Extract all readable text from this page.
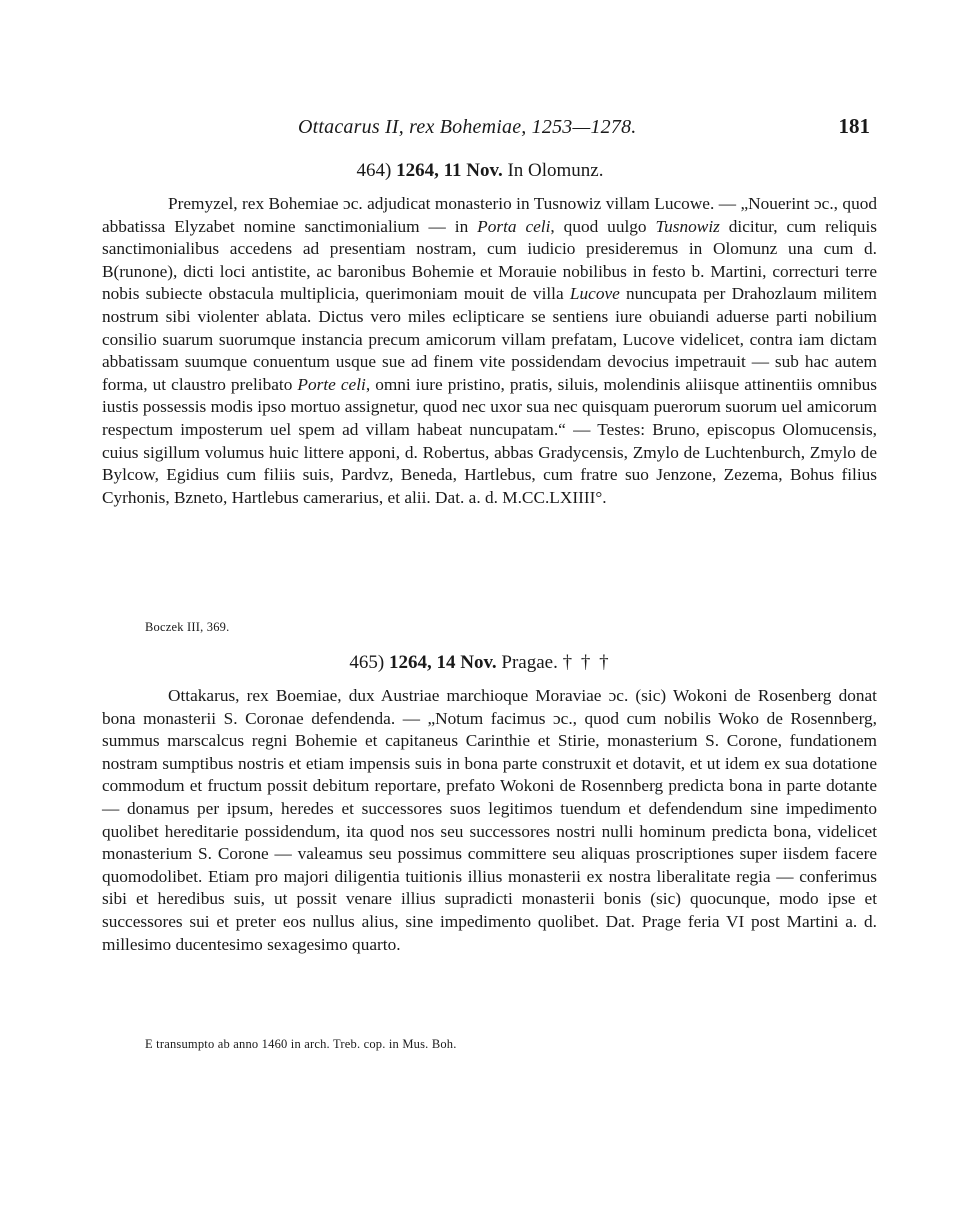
Ottacarus II, rex Bohemiae, 1253—1278.	181
464) 1264, 11 Nov. In Olomunz.

Premyzel, rex Bohemiae ɔc. adjudicat monasterio in Tusnowiz villam Lucowe. — „Nouerint ɔc., quod abbatissa Elyzabet nomine sanctimonialium — in Porta celi, quod uulgo Tusnowiz dicitur, cum reliquis sanctimonialibus accedens ad presentiam nostram, cum iudicio presideremus in Olomunz una cum d. B(runone), dicti loci antistite, ac baronibus Bohemie et Morauie nobilibus in festo b. Martini, correcturi terre nobis subiecte obstacula multiplicia, querimoniam mouit de villa Lucove nuncupata per Drahozlaum militem nostrum sibi violenter ablata. Dictus vero miles eclipticare se sentiens iure obuiandi aduerse parti nobilium consilio suarum suorumque instancia precum amicorum villam prefatam, Lucove videlicet, contra iam dictam abbatissam suumque conuentum usque sue ad finem vite possidendam devocius impetrauit — sub hac autem forma, ut claustro prelibato Porte celi, omni iure pristino, pratis, siluis, molendinis aliisque attinentiis omnibus iustis possessis modis ipso mortuo assignetur, quod nec uxor sua nec quisquam puerorum suorum uel amicorum respectum imposterum uel spem ad villam habeat nuncupatam.“ — Testes: Bruno, episcopus Olomucensis, cuius sigillum volumus huic littere apponi, d. Robertus, abbas Gradycensis, Zmylo de Luchtenburch, Zmylo de Bylcow, Egidius cum filiis suis, Pardvz, Beneda, Hartlebus, cum fratre suo Jenzone, Zezema, Bohus filius Cyrhonis, Bzneto, Hartlebus camerarius, et alii. Dat. a. d. M.CC.LXIIII°.

Boczek III, 369.
465) 1264, 14 Nov. Pragae. † † †

Ottakarus, rex Boemiae, dux Austriae marchioque Moraviae ɔc. (sic) Wokoni de Rosenberg donat bona monasterii S. Coronae defendenda. — „Notum facimus ɔc., quod cum nobilis Woko de Rosennberg, summus marscalcus regni Bohemie et capitaneus Carinthie et Stirie, monasterium S. Corone, fundationem nostram sumptibus nostris et etiam impensis suis in bona parte construxit et dotavit, et ut idem ex sua dotatione commodum et fructum possit debitum reportare, prefato Wokoni de Rosennberg predicta bona in parte dotante — donamus per ipsum, heredes et successores suos legitimos tuendum et defendendum sine impedimento quolibet hereditarie possidendum, ita quod nos seu successores nostri nulli hominum predicta bona, videlicet monasterium S. Corone — valeamus seu possimus committere seu aliquas proscriptiones super iisdem facere quomodolibet. Etiam pro majori diligentia tuitionis illius monasterii ex nostra liberalitate regia — conferimus sibi et heredibus suis, ut possit venare illius supradicti monasterii bonis (sic) quocunque, modo ipse et successores sui et preter eos nullus alius, sine impedimento quolibet. Dat. Prage feria VI post Martini a. d. millesimo ducentesimo sexagesimo quarto.

E transumpto ab anno 1460 in arch. Treb. cop. in Mus. Boh.
